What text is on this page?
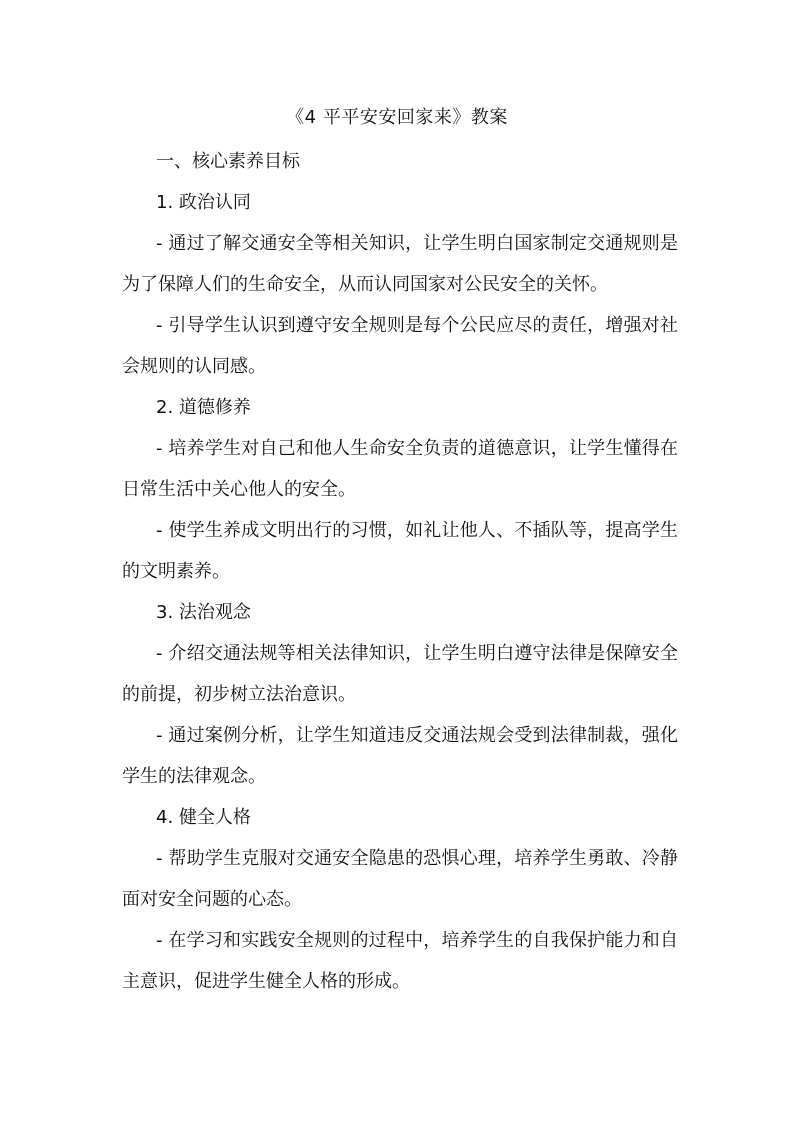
《4 平平安安回家来》教案

一、核心素养目标

1. 政治认同

- 通过了解交通安全等相关知识，让学生明白国家制定交通规则是为了保障人们的生命安全，从而认同国家对公民安全的关怀。

- 引导学生认识到遵守安全规则是每个公民应尽的责任，增强对社会规则的认同感。

2. 道德修养

- 培养学生对自己和他人生命安全负责的道德意识，让学生懂得在日常生活中关心他人的安全。

- 使学生养成文明出行的习惯，如礼让他人、不插队等，提高学生的文明素养。

3. 法治观念

- 介绍交通法规等相关法律知识，让学生明白遵守法律是保障安全的前提，初步树立法治意识。

- 通过案例分析，让学生知道违反交通法规会受到法律制裁，强化学生的法律观念。

4. 健全人格

- 帮助学生克服对交通安全隐患的恐惧心理，培养学生勇敢、冷静面对安全问题的心态。

- 在学习和实践安全规则的过程中，培养学生的自我保护能力和自主意识，促进学生健全人格的形成。
